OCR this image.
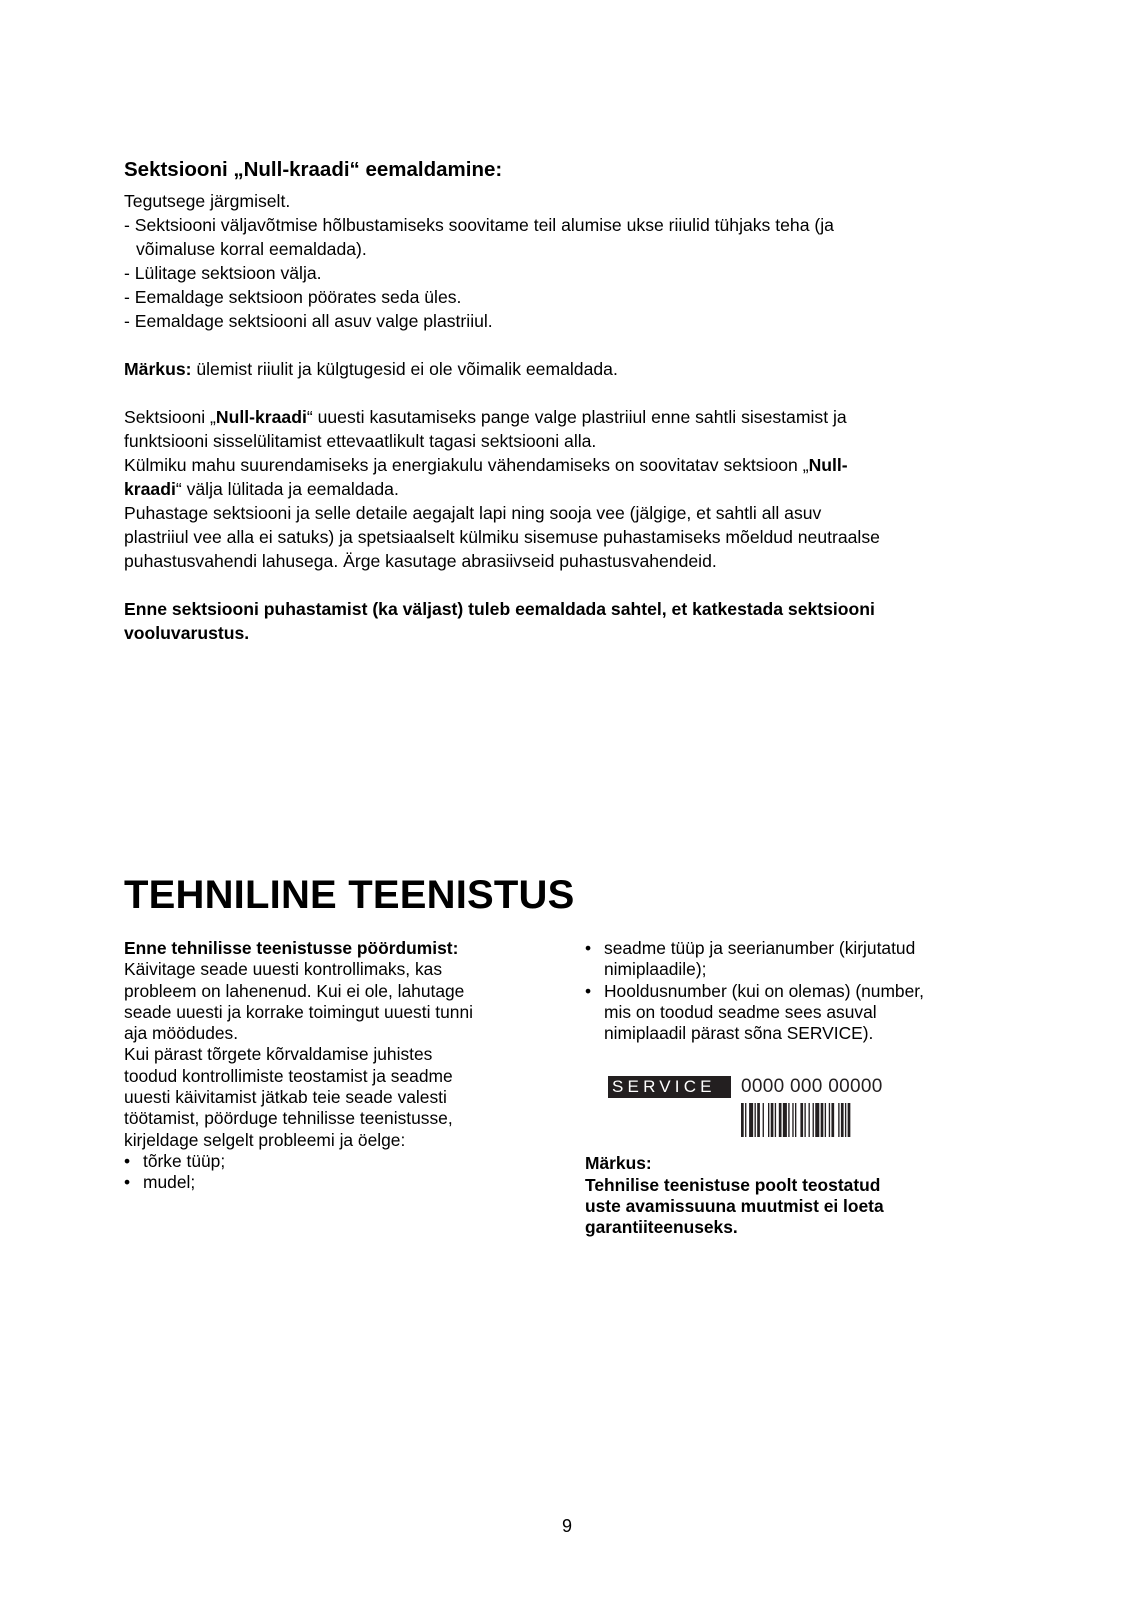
Sektsiooni „Null-kraadi“ eemaldamine:

Tegutsege järgmiselt.

- Sektsiooni väljavõtmise hõlbustamiseks soovitame teil alumise ukse riiulid tühjaks teha (ja

võimaluse korral eemaldada).

- Lülitage sektsioon välja.

- Eemaldage sektsioon pöörates seda üles.

- Eemaldage sektsiooni all asuv valge plastriiul.

Märkus: ülemist riiulit ja külgtugesid ei ole võimalik eemaldada.

Sektsiooni „Null-kraadi“ uuesti kasutamiseks pange valge plastriiul enne sahtli sisestamist ja

funktsiooni sisselülitamist ettevaatlikult tagasi sektsiooni alla.

Külmiku mahu suurendamiseks ja energiakulu vähendamiseks on soovitatav sektsioon „Null-

kraadi“ välja lülitada ja eemaldada.

Puhastage sektsiooni ja selle detaile aegajalt lapi ning sooja vee (jälgige, et sahtli all asuv

plastriiul vee alla ei satuks) ja spetsiaalselt külmiku sisemuse puhastamiseks mõeldud neutraalse

puhastusvahendi lahusega. Ärge kasutage abrasiivseid puhastusvahendeid.

Enne sektsiooni puhastamist (ka väljast) tuleb eemaldada sahtel, et katkestada sektsiooni

vooluvarustus.

TEHNILINE TEENISTUS

Enne tehnilisse teenistusse pöördumist:

Käivitage seade uuesti kontrollimaks, kas

probleem on lahenenud. Kui ei ole, lahutage

seade uuesti ja korrake toimingut uuesti tunni

aja möödudes.

Kui pärast tõrgete kõrvaldamise juhistes

toodud kontrollimiste teostamist ja seadme

uuesti käivitamist jätkab teie seade valesti

töötamist, pöörduge tehnilisse teenistusse,

kirjeldage selgelt probleemi ja öelge:

• tõrke tüüp;
• mudel;
• seadme tüüp ja seerianumber (kirjutatud
nimiplaadile);
• Hooldusnumber (kui on olemas) (number,
mis on toodud seadme sees asuval
nimiplaadil pärast sõna SERVICE).

Märkus:

Tehnilise teenistuse poolt teostatud

uste avamissuuna muutmist ei loeta

garantiiteenuseks.

SERVICE	0000 000 00000
9
